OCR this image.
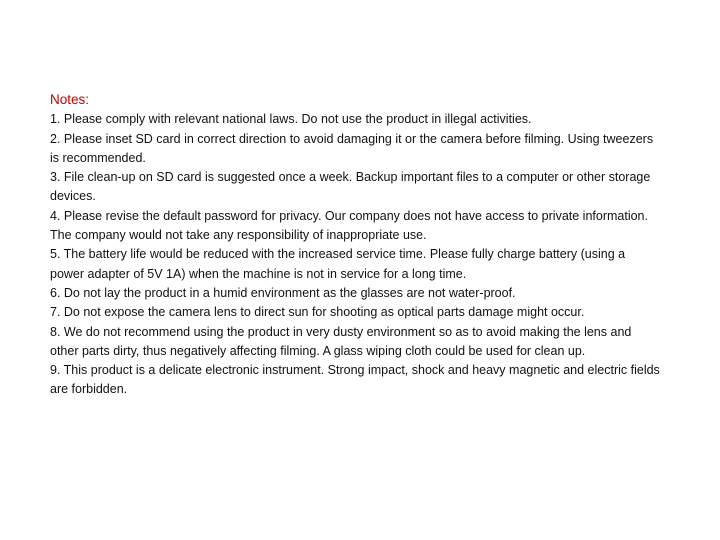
Notes:
1. Please comply with relevant national laws. Do not use the product in illegal activities.
2. Please inset SD card in correct direction to avoid damaging it or the camera before filming. Using tweezers is recommended.
3. File clean-up on SD card is suggested once a week. Backup important files to a computer or other storage devices.
4. Please revise the default password for privacy. Our company does not have access to private information. The company would not take any responsibility of inappropriate use.
5. The battery life would be reduced with the increased service time. Please fully charge battery (using a power adapter of 5V 1A) when the machine is not in service for a long time.
6. Do not lay the product in a humid environment as the glasses are not water-proof.
7. Do not expose the camera lens to direct sun for shooting as optical parts damage might occur.
8. We do not recommend using the product in very dusty environment so as to avoid making the lens and other parts dirty, thus negatively affecting filming. A glass wiping cloth could be used for clean up.
9. This product is a delicate electronic instrument. Strong impact, shock and heavy magnetic and electric fields are forbidden.
